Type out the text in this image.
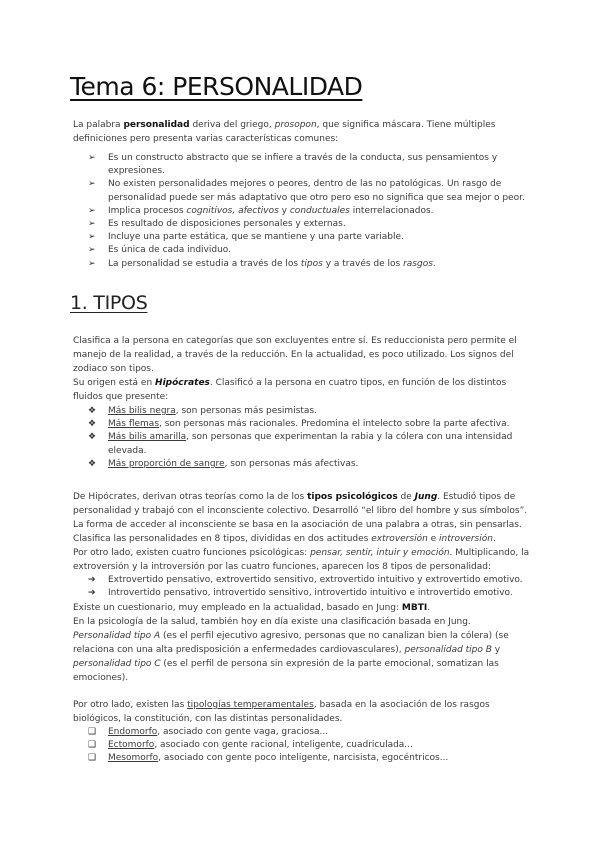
Tema 6: PERSONALIDAD

La palabra personalidad deriva del griego, prosopon, que significa máscara. Tiene múltiples definiciones pero presenta varias características comunes:

➢ Es un constructo abstracto que se infiere a través de la conducta, sus pensamientos y expresiones.
➢ No existen personalidades mejores o peores, dentro de las no patológicas. Un rasgo de personalidad puede ser más adaptativo que otro pero eso no significa que sea mejor o peor.
➢ Implica procesos cognitivos, afectivos y conductuales interrelacionados.
➢ Es resultado de disposiciones personales y externas.
➢ Incluye una parte estática, que se mantiene y una parte variable.
➢ Es única de cada individuo.
➢ La personalidad se estudia a través de los tipos y a través de los rasgos.
1. TIPOS

Clasifica a la persona en categorías que son excluyentes entre sí. Es reduccionista pero permite el manejo de la realidad, a través de la reducción. En la actualidad, es poco utilizado. Los signos del zodiaco son tipos.

Su origen está en Hipócrates. Clasificó a la persona en cuatro tipos, en función de los distintos fluidos que presente:

❖ Más bilis negra, son personas más pesimistas.
❖ Más flemas, son personas más racionales. Predomina el intelecto sobre la parte afectiva.
❖ Más bilis amarilla, son personas que experimentan la rabia y la cólera con una intensidad elevada.
❖ Más proporción de sangre, son personas más afectivas.

De Hipócrates, derivan otras teorías como la de los tipos psicológicos de Jung. Estudió tipos de personalidad y trabajó con el inconsciente colectivo. Desarrolló “el libro del hombre y sus símbolos”. La forma de acceder al inconsciente se basa en la asociación de una palabra a otras, sin pensarlas. Clasifica las personalidades en 8 tipos, divididas en dos actitudes extroversión e introversión.

Por otro lado, existen cuatro funciones psicológicas: pensar, sentir, intuir y emoción. Multiplicando, la extroversión y la introversión por las cuatro funciones, aparecen los 8 tipos de personalidad:

➔ Extrovertido pensativo, extrovertido sensitivo, extrovertido intuitivo y extrovertido emotivo.
➔ Introvertido pensativo, introvertido sensitivo, introvertido intuitivo e introvertido emotivo.

Existe un cuestionario, muy empleado en la actualidad, basado en Jung: MBTI.

En la psicología de la salud, también hoy en día existe una clasificación basada en Jung.
Personalidad tipo A (es el perfil ejecutivo agresivo, personas que no canalizan bien la cólera) (se relaciona con una alta predisposición a enfermedades cardiovasculares), personalidad tipo B y personalidad tipo C (es el perfil de persona sin expresión de la parte emocional, somatizan las emociones).

Por otro lado, existen las tipologías temperamentales, basada en la asociación de los rasgos biológicos, la constitución, con las distintas personalidades.

❑ Endomorfo, asociado con gente vaga, graciosa...
❑ Ectomorfo, asociado con gente racional, inteligente, cuadriculada...
❑ Mesomorfo, asociado con gente poco inteligente, narcisista, egocéntricos...
